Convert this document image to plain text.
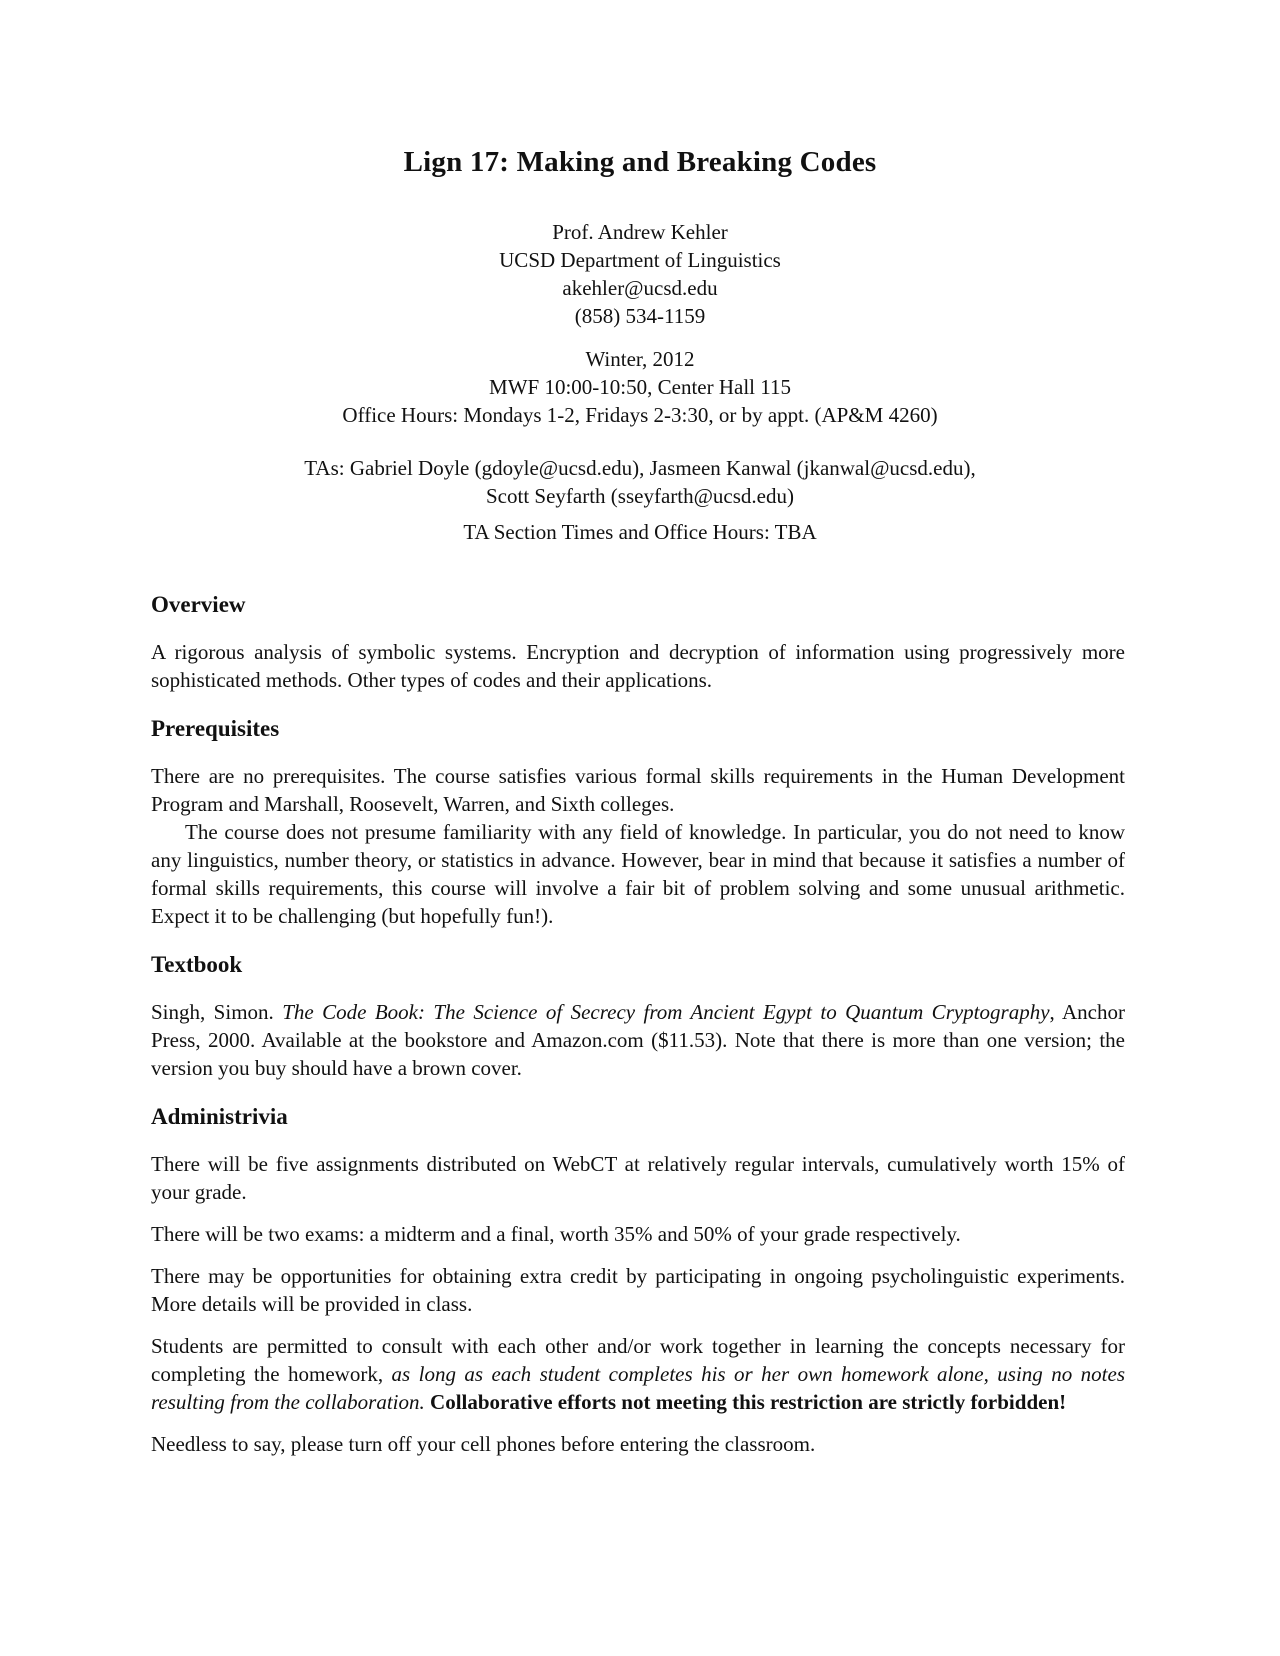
Lign 17: Making and Breaking Codes
Prof. Andrew Kehler
UCSD Department of Linguistics
akehler@ucsd.edu
(858) 534-1159
Winter, 2012
MWF 10:00-10:50, Center Hall 115
Office Hours: Mondays 1-2, Fridays 2-3:30, or by appt. (AP&M 4260)
TAs: Gabriel Doyle (gdoyle@ucsd.edu), Jasmeen Kanwal (jkanwal@ucsd.edu),
Scott Seyfarth (sseyfarth@ucsd.edu)
TA Section Times and Office Hours: TBA
Overview

A rigorous analysis of symbolic systems. Encryption and decryption of information using progressively more sophisticated methods. Other types of codes and their applications.

Prerequisites

There are no prerequisites. The course satisfies various formal skills requirements in the Human Development Program and Marshall, Roosevelt, Warren, and Sixth colleges.

The course does not presume familiarity with any field of knowledge. In particular, you do not need to know any linguistics, number theory, or statistics in advance. However, bear in mind that because it satisfies a number of formal skills requirements, this course will involve a fair bit of problem solving and some unusual arithmetic. Expect it to be challenging (but hopefully fun!).

Textbook

Singh, Simon. The Code Book: The Science of Secrecy from Ancient Egypt to Quantum Cryptography, Anchor Press, 2000. Available at the bookstore and Amazon.com ($11.53). Note that there is more than one version; the version you buy should have a brown cover.

Administrivia

There will be five assignments distributed on WebCT at relatively regular intervals, cumulatively worth 15% of your grade.

There will be two exams: a midterm and a final, worth 35% and 50% of your grade respectively.

There may be opportunities for obtaining extra credit by participating in ongoing psycholinguistic experiments. More details will be provided in class.

Students are permitted to consult with each other and/or work together in learning the concepts necessary for completing the homework, as long as each student completes his or her own homework alone, using no notes resulting from the collaboration. Collaborative efforts not meeting this restriction are strictly forbidden!

Needless to say, please turn off your cell phones before entering the classroom.
